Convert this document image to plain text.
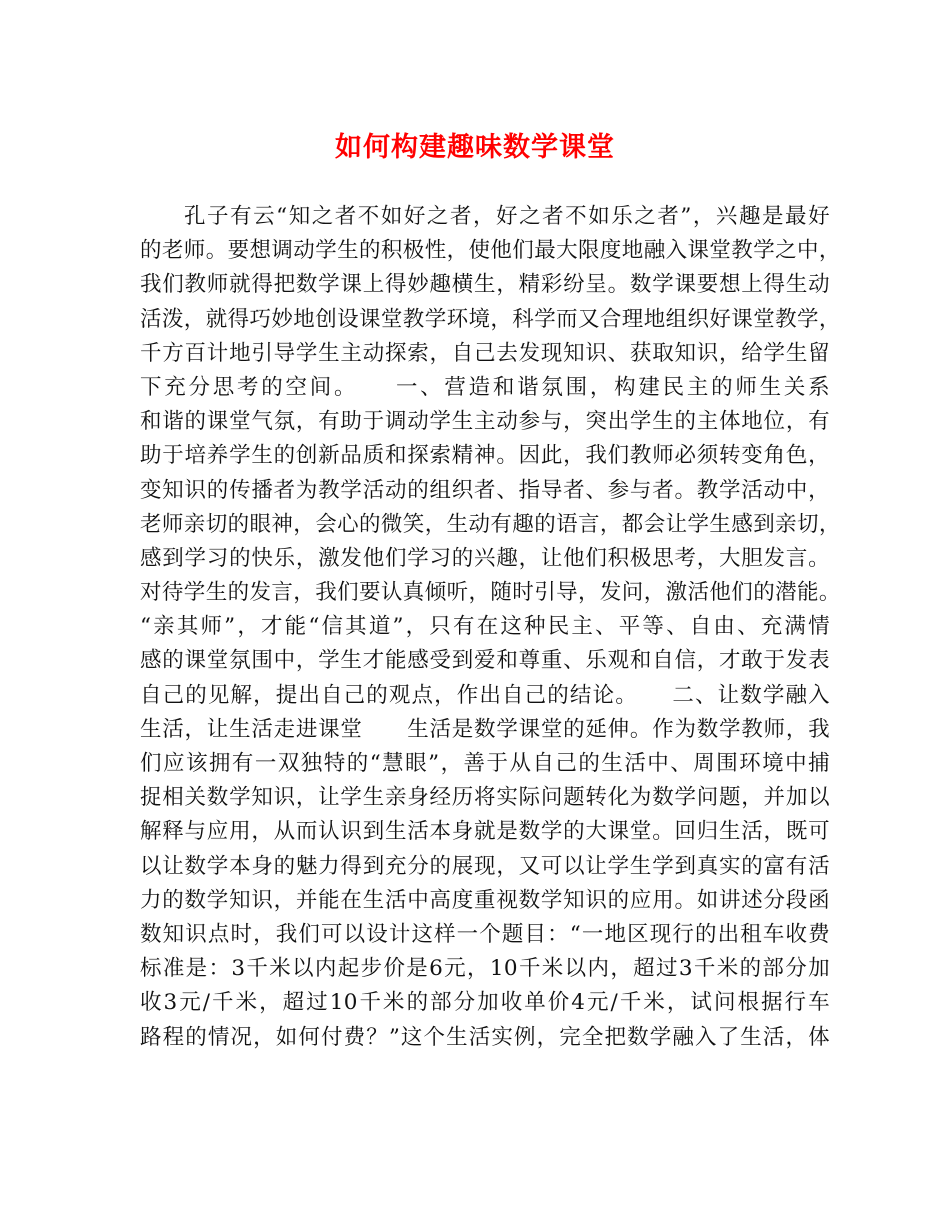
如何构建趣味数学课堂
孔子有云“知之者不如好之者，好之者不如乐之者”，兴趣是最好
的老师。要想调动学生的积极性，使他们最大限度地融入课堂教学之中，
我们教师就得把数学课上得妙趣横生，精彩纷呈。数学课要想上得生动
活泼，就得巧妙地创设课堂教学环境，科学而又合理地组织好课堂教学，
千方百计地引导学生主动探索，自己去发现知识、获取知识，给学生留
下充分思考的空间。　　一、营造和谐氛围，构建民主的师生关系
和谐的课堂气氛，有助于调动学生主动参与，突出学生的主体地位，有
助于培养学生的创新品质和探索精神。因此，我们教师必须转变角色，
变知识的传播者为教学活动的组织者、指导者、参与者。教学活动中，
老师亲切的眼神，会心的微笑，生动有趣的语言，都会让学生感到亲切，
感到学习的快乐，激发他们学习的兴趣，让他们积极思考，大胆发言。
对待学生的发言，我们要认真倾听，随时引导，发问，激活他们的潜能。
“亲其师”，才能“信其道”，只有在这种民主、平等、自由、充满情
感的课堂氛围中，学生才能感受到爱和尊重、乐观和自信，才敢于发表
自己的见解，提出自己的观点，作出自己的结论。　　二、让数学融入
生活，让生活走进课堂　　生活是数学课堂的延伸。作为数学教师，我
们应该拥有一双独特的“慧眼”，善于从自己的生活中、周围环境中捕
捉相关数学知识，让学生亲身经历将实际问题转化为数学问题，并加以
解释与应用，从而认识到生活本身就是数学的大课堂。回归生活，既可
以让数学本身的魅力得到充分的展现，又可以让学生学到真实的富有活
力的数学知识，并能在生活中高度重视数学知识的应用。如讲述分段函
数知识点时，我们可以设计这样一个题目：“一地区现行的出租车收费
标准是：3千米以内起步价是6元，10千米以内，超过3千米的部分加
收3元/千米，超过10千米的部分加收单价4元/千米，试问根据行车
路程的情况，如何付费？”这个生活实例，完全把数学融入了生活，体
